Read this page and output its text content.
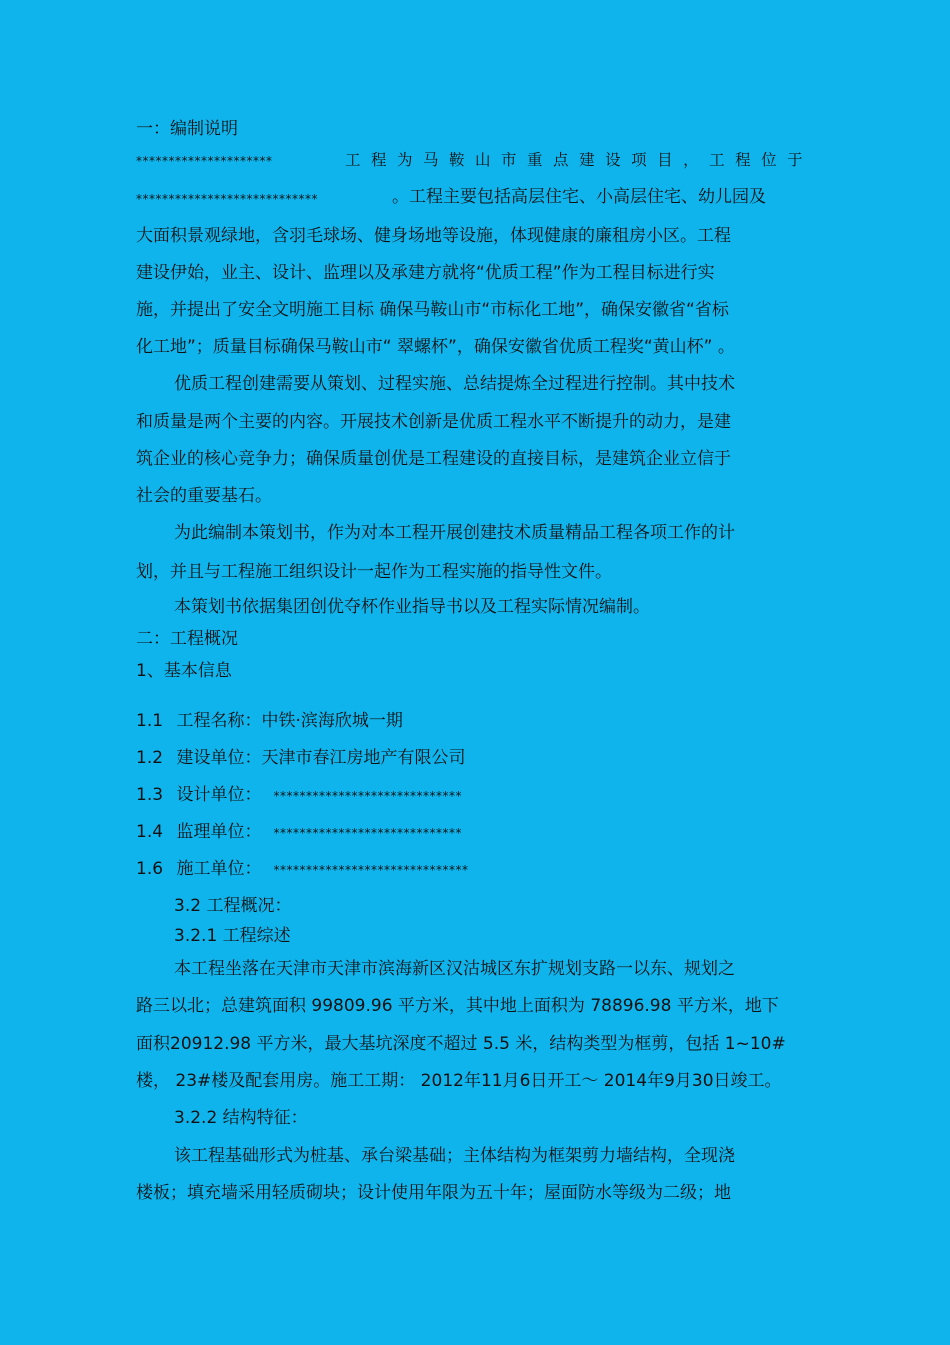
一：编制说明

*********************	工 程 为 马 鞍 山 市 重 点 建 设 项 目 ， 工 程 位 于

****************************	。工程主要包括高层住宅、小高层住宅、幼儿园及

大面积景观绿地，含羽毛球场、健身场地等设施，体现健康的廉租房小区。工程

建设伊始，业主、设计、监理以及承建方就将“优质工程”作为工程目标进行实

施，并提出了安全文明施工目标 确保马鞍山市“市标化工地”，确保安徽省“省标

化工地”；质量目标确保马鞍山市“ 翠螺杯”，确保安徽省优质工程奖“黄山杯” 。

优质工程创建需要从策划、过程实施、总结提炼全过程进行控制。其中技术

和质量是两个主要的内容。开展技术创新是优质工程水平不断提升的动力，是建

筑企业的核心竞争力；确保质量创优是工程建设的直接目标，是建筑企业立信于

社会的重要基石。

为此编制本策划书，作为对本工程开展创建技术质量精品工程各项工作的计

划，并且与工程施工组织设计一起作为工程实施的指导性文件。

本策划书依据集团创优夺杯作业指导书以及工程实际情况编制。

二：工程概况

1、基本信息

1.1 工程名称：中铁·滨海欣城一期

1.2 建设单位：天津市春江房地产有限公司

1.3 设计单位： *****************************

1.4 监理单位： *****************************

1.6 施工单位： ******************************

3.2 工程概况：

3.2.1 工程综述

本工程坐落在天津市天津市滨海新区汉沽城区东扩规划支路一以东、规划之

路三以北；总建筑面积 99809.96 平方米，其中地上面积为 78896.98 平方米，地下

面积20912.98 平方米，最大基坑深度不超过 5.5 米，结构类型为框剪，包括 1~10#

楼， 23#楼及配套用房。施工工期： 2012年11月6日开工～ 2014年9月30日竣工。

3.2.2 结构特征：

该工程基础形式为桩基、承台梁基础；主体结构为框架剪力墙结构，全现浇

楼板；填充墙采用轻质砌块；设计使用年限为五十年；屋面防水等级为二级；地
